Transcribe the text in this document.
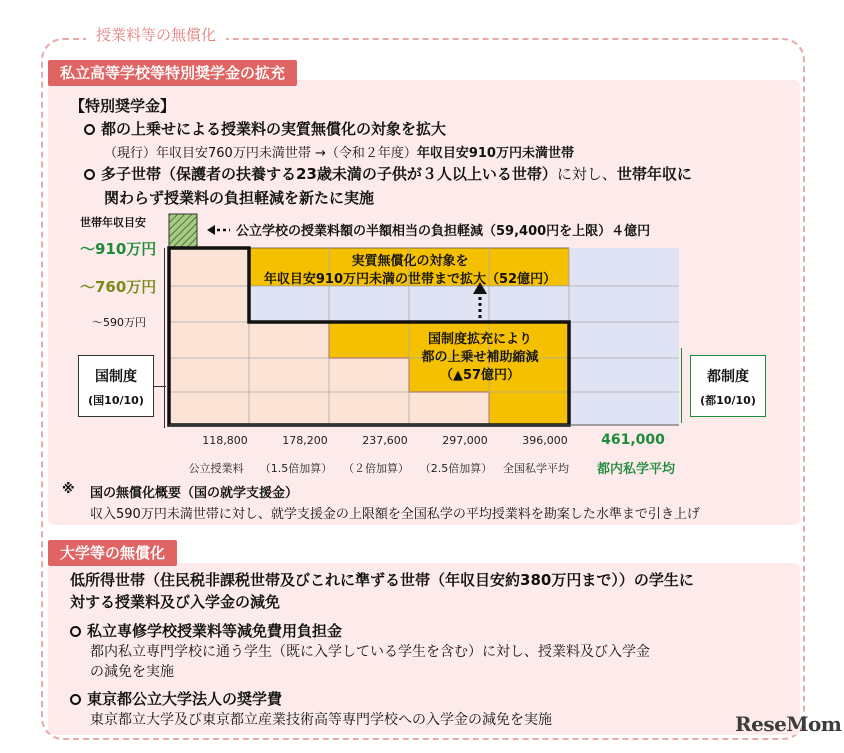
授業料等の無償化
私立高等学校等特別奨学金の拡充
【特別奨学金】
都の上乗せによる授業料の実質無償化の対象を拡大
（現行）年収目安760万円未満世帯 →（令和２年度）年収目安910万円未満世帯
多子世帯（保護者の扶養する23歳未満の子供が３人以上いる世帯）に対し、世帯年収に
関わらず授業料の負担軽減を新たに実施
世帯年収目安
～910万円
～760万円
～590万円
公立学校の授業料額の半額相当の負担軽減（59,400円を上限）４億円
実質無償化の対象を
年収目安910万円未満の世帯まで拡大（52億円）
国制度拡充により
都の上乗せ補助縮減
（▲57億円）
国制度
(国10/10)
都制度
(都10/10)
118,800	178,200	237,600	297,000	396,000	461,000
公立授業料	（1.5倍加算） （２倍加算） （2.5倍加算） 全国私学平均	都内私学平均
※ 国の無償化概要（国の就学支援金）
収入590万円未満世帯に対し、就学支援金の上限額を全国私学の平均授業料を勘案した水準まで引き上げ
大学等の無償化
低所得世帯（住民税非課税世帯及びこれに準ずる世帯（年収目安約380万円まで））の学生に
対する授業料及び入学金の減免
私立専修学校授業料等減免費用負担金
都内私立専門学校に通う学生（既に入学している学生を含む）に対し、授業料及び入学金
の減免を実施
東京都公立大学法人の奨学費
東京都立大学及び東京都立産業技術高等専門学校への入学金の減免を実施	ReseMom
